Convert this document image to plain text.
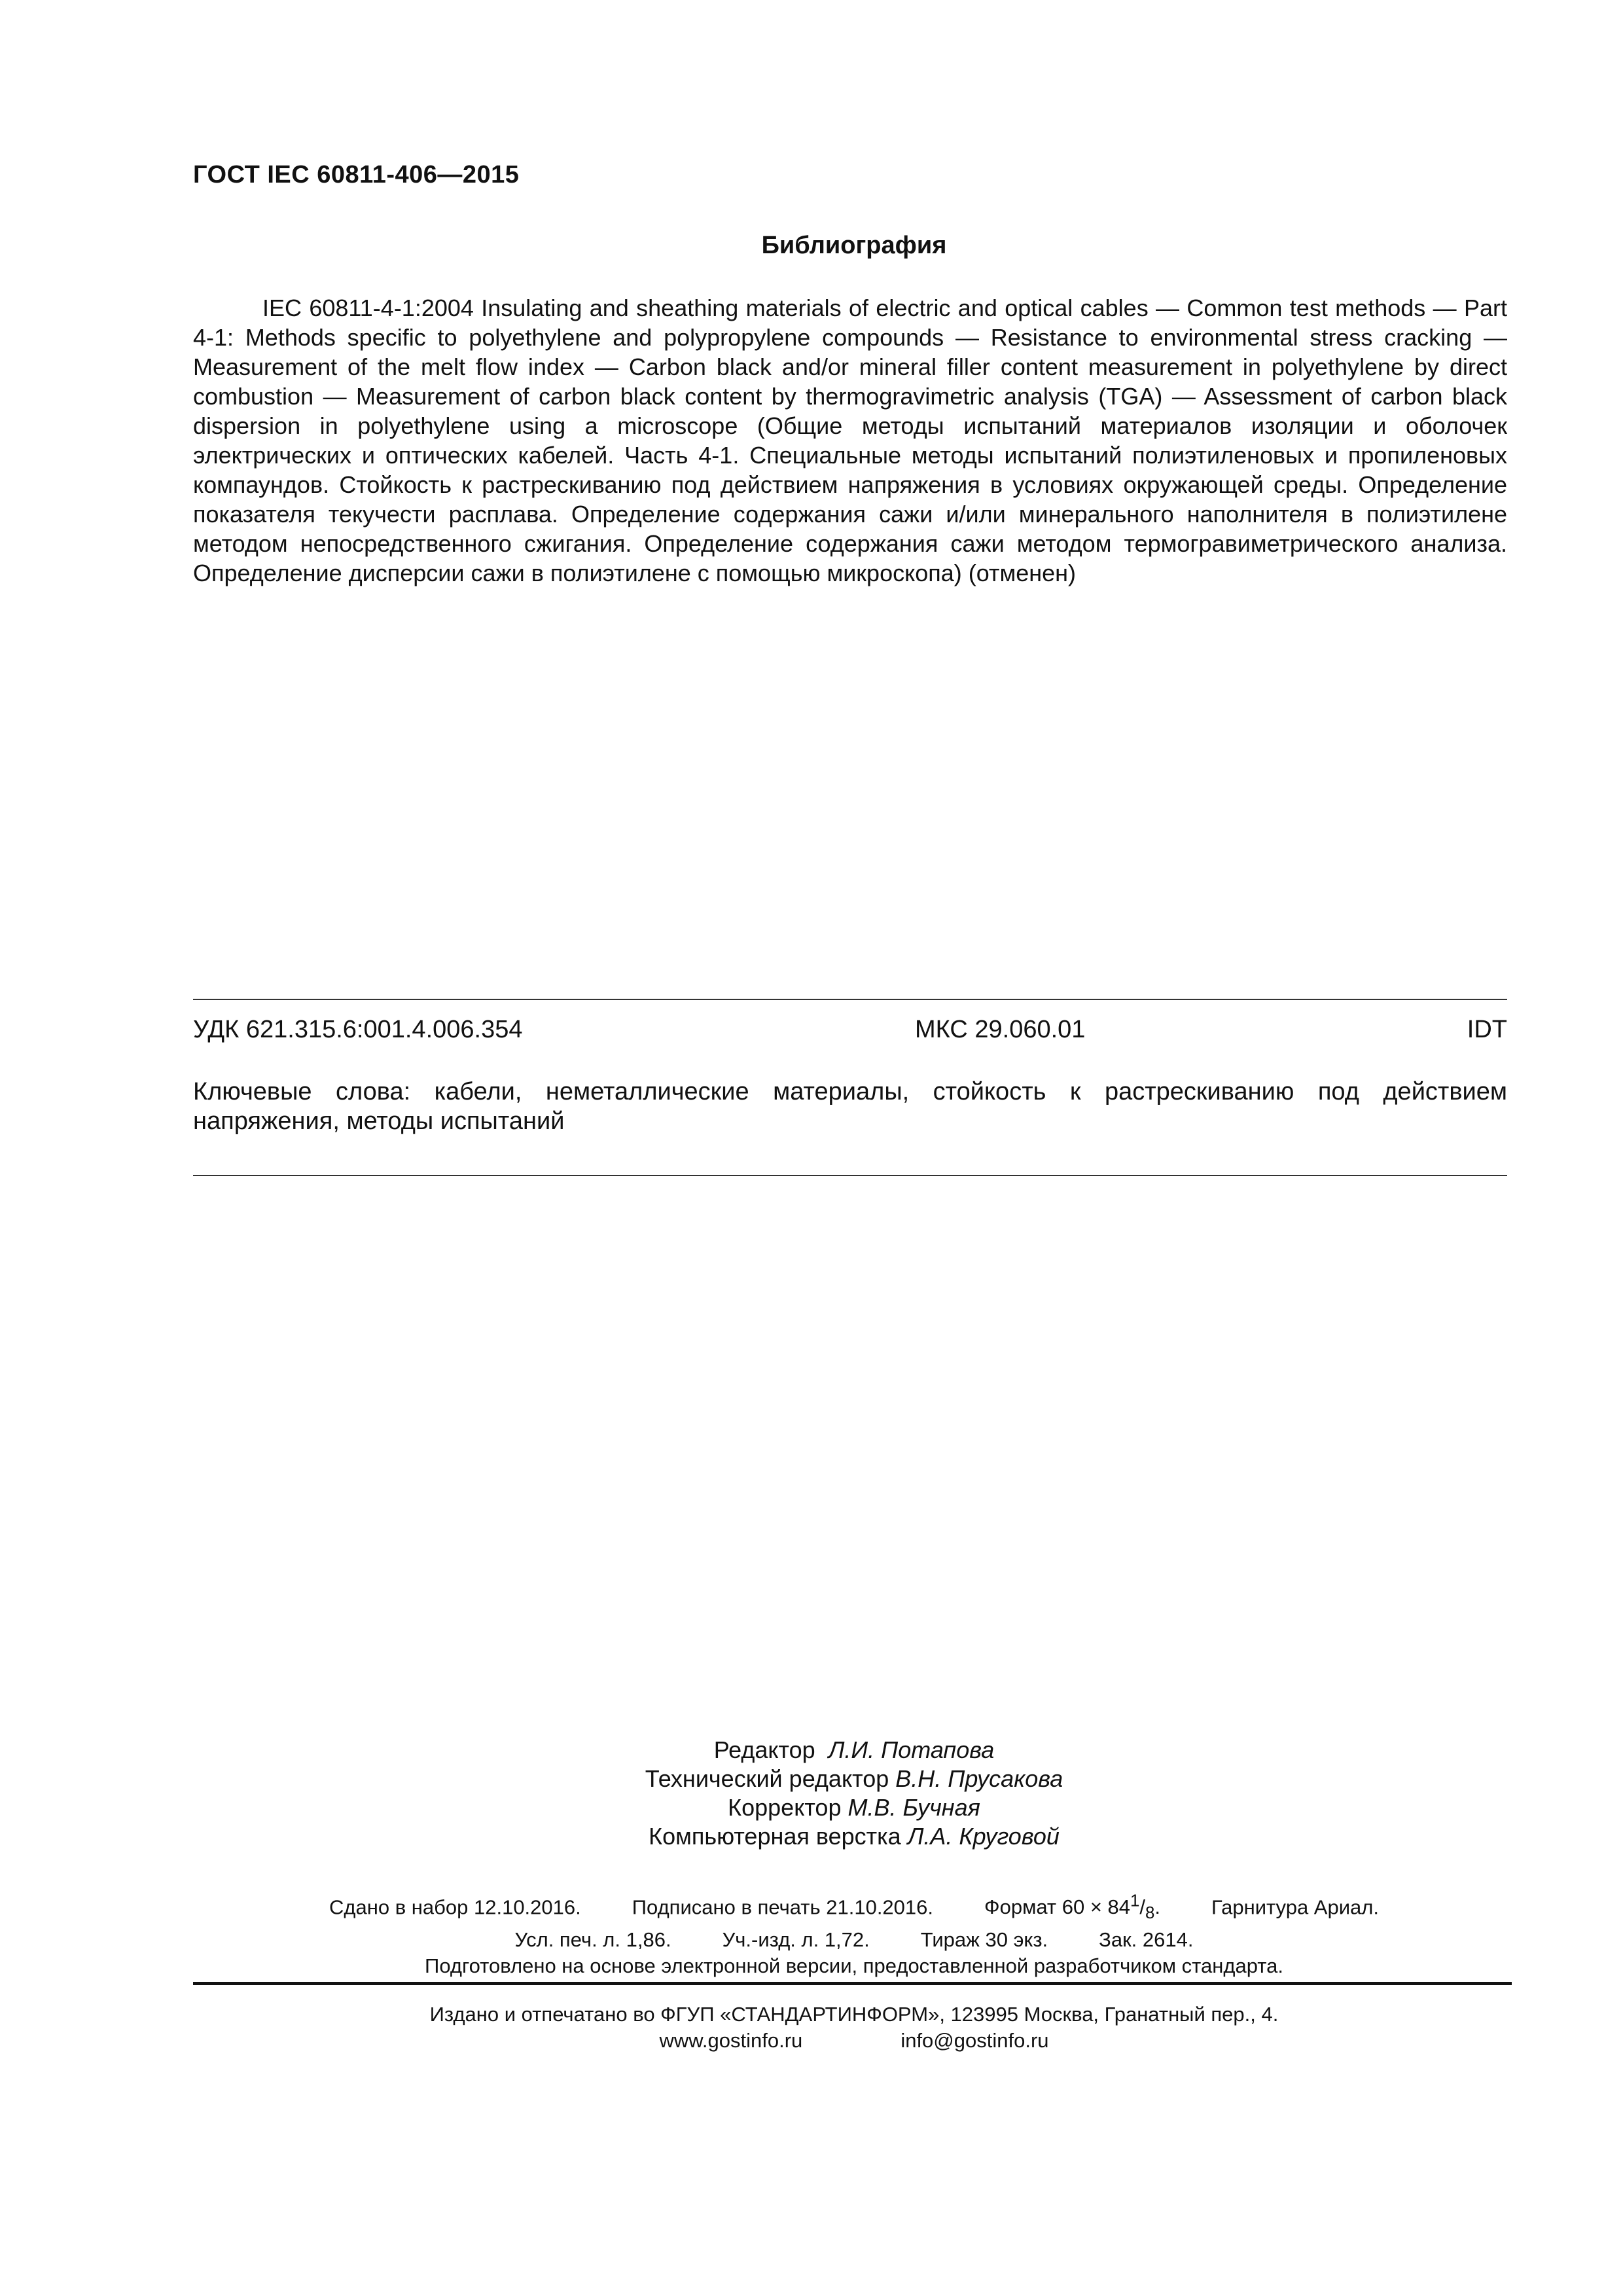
ГОСТ IEC 60811-406—2015
Библиография

IEC 60811-4-1:2004 Insulating and sheathing materials of electric and optical cables — Common test methods — Part 4-1: Methods specific to polyethylene and polypropylene compounds — Resistance to environmental stress cracking — Measurement of the melt flow index — Carbon black and/or mineral filler content measurement in polyethylene by direct combustion — Measurement of carbon black content by thermogravimetric analysis (TGA) — Assessment of carbon black dispersion in polyethylene using a microscope (Общие методы испытаний материалов изоляции и оболочек электрических и оптических кабелей. Часть 4-1. Специальные методы испытаний полиэтиленовых и пропиленовых компаундов. Стойкость к растрескиванию под действием напряжения в условиях окружающей среды. Определение показателя текучести расплава. Определение содержания сажи и/или минерального наполнителя в полиэтилене методом непосредственного сжигания. Определение содержания сажи методом термогравиметрического анализа. Определение дисперсии сажи в полиэтилене с помощью микроскопа) (отменен)

УДК 621.315.6:001.4.006.354	МКС 29.060.01	IDT

Ключевые слова: кабели, неметаллические материалы, стойкость к растрескиванию под действием напряжения, методы испытаний

Редактор Л.И. Потапова
Технический редактор В.Н. Прусакова
Корректор М.В. Бучная
Компьютерная верстка Л.А. Круговой
Сдано в набор 12.10.2016.	Подписано в печать 21.10.2016.	Формат $60 \times 84^1/_8$.	Гарнитура Ариал.
Усл. печ. л. 1,86.	Уч.-изд. л. 1,72.	Тираж 30 экз.	Зак. 2614.
Подготовлено на основе электронной версии, предоставленной разработчиком стандарта.
Издано и отпечатано во ФГУП «СТАНДАРТИНФОРМ», 123995 Москва, Гранатный пер., 4.
www.gostinfo.ru	info@gostinfo.ru
